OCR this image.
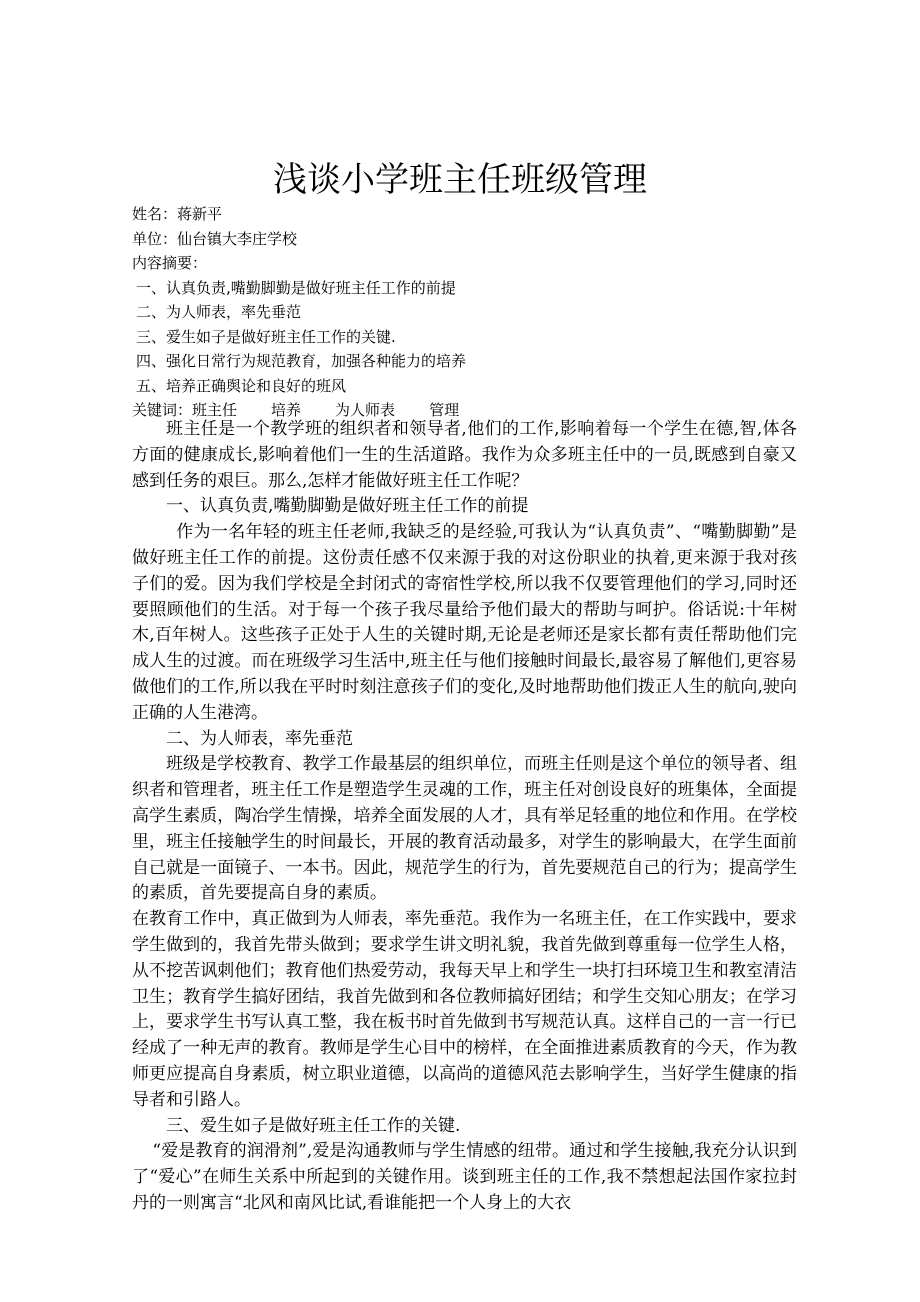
浅谈小学班主任班级管理
姓名：蒋新平
单位：仙台镇大李庄学校
内容摘要：
一、认真负责,嘴勤脚勤是做好班主任工作的前提
二、为人师表，率先垂范
三、爱生如子是做好班主任工作的关键.
四、强化日常行为规范教育，加强各种能力的培养
五、培养正确舆论和良好的班风
关键词：班主任 培养 为人师表 管理

班主任是一个教学班的组织者和领导者,他们的工作,影响着每一个学生在德,智,体各方面的健康成长,影响着他们一生的生活道路。我作为众多班主任中的一员,既感到自豪又感到任务的艰巨。那么,怎样才能做好班主任工作呢？

一、认真负责,嘴勤脚勤是做好班主任工作的前提

作为一名年轻的班主任老师,我缺乏的是经验,可我认为“认真负责”、“嘴勤脚勤”是做好班主任工作的前提。这份责任感不仅来源于我的对这份职业的执着,更来源于我对孩子们的爱。因为我们学校是全封闭式的寄宿性学校,所以我不仅要管理他们的学习,同时还要照顾他们的生活。对于每一个孩子我尽量给予他们最大的帮助与呵护。俗话说:十年树木,百年树人。这些孩子正处于人生的关键时期,无论是老师还是家长都有责任帮助他们完成人生的过渡。而在班级学习生活中,班主任与他们接触时间最长,最容易了解他们,更容易做他们的工作,所以我在平时时刻注意孩子们的变化,及时地帮助他们拨正人生的航向,驶向正确的人生港湾。

二、为人师表，率先垂范

班级是学校教育、教学工作最基层的组织单位，而班主任则是这个单位的领导者、组织者和管理者，班主任工作是塑造学生灵魂的工作，班主任对创设良好的班集体，全面提高学生素质，陶冶学生情操，培养全面发展的人才，具有举足轻重的地位和作用。在学校里，班主任接触学生的时间最长，开展的教育活动最多，对学生的影响最大，在学生面前自己就是一面镜子、一本书。因此，规范学生的行为，首先要规范自己的行为；提高学生的素质，首先要提高自身的素质。

在教育工作中，真正做到为人师表，率先垂范。我作为一名班主任，在工作实践中，要求学生做到的，我首先带头做到；要求学生讲文明礼貌，我首先做到尊重每一位学生人格，从不挖苦讽刺他们；教育他们热爱劳动，我每天早上和学生一块打扫环境卫生和教室清洁卫生；教育学生搞好团结，我首先做到和各位教师搞好团结；和学生交知心朋友；在学习上，要求学生书写认真工整，我在板书时首先做到书写规范认真。这样自己的一言一行已经成了一种无声的教育。教师是学生心目中的榜样，在全面推进素质教育的今天，作为教师更应提高自身素质，树立职业道德，以高尚的道德风范去影响学生，当好学生健康的指导者和引路人。

三、爱生如子是做好班主任工作的关键.

“爱是教育的润滑剂”,爱是沟通教师与学生情感的纽带。通过和学生接触,我充分认识到了“爱心”在师生关系中所起到的关键作用。谈到班主任的工作,我不禁想起法国作家拉封丹的一则寓言“北风和南风比试,看谁能把一个人身上的大衣
